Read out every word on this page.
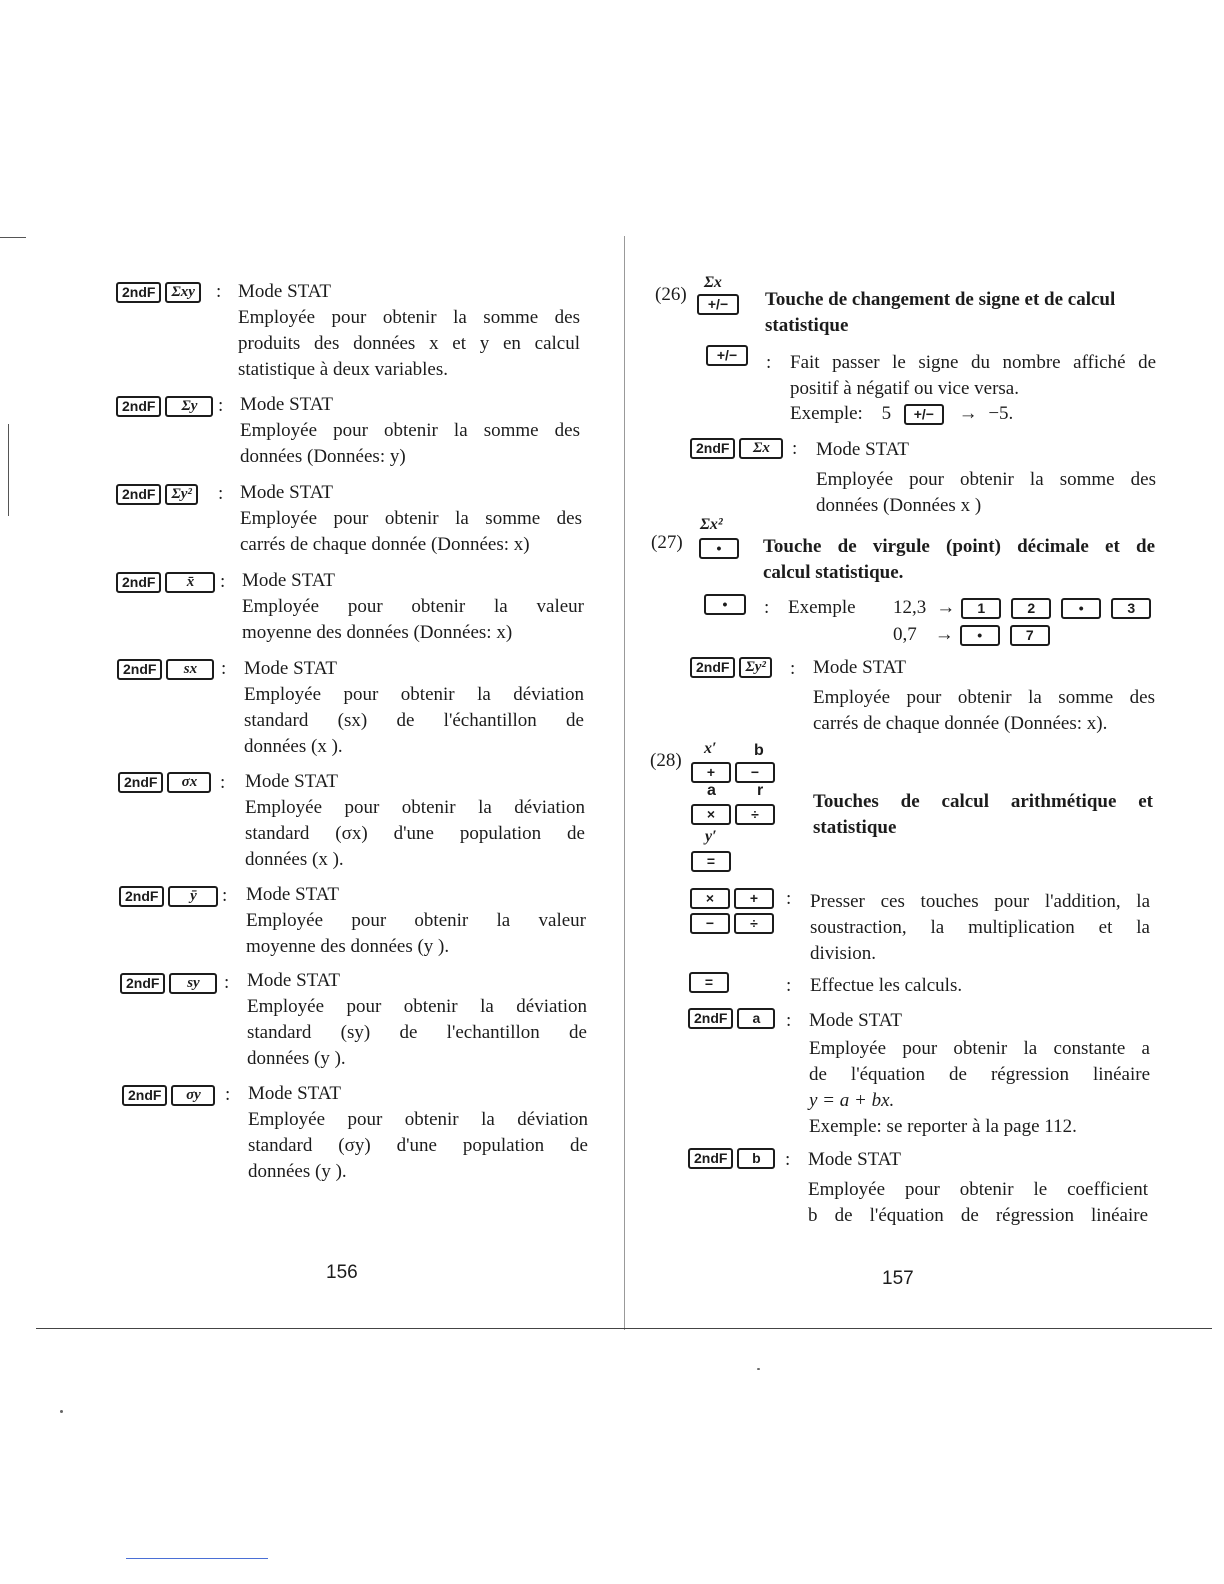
2ndF	Σxy	: Mode STAT
Employée pour obtenir la somme des
produits des données x et y en calcul
statistique à deux variables.
2ndF	Σy	: Mode STAT
Employée pour obtenir la somme des
données (Données: y)
2ndF	Σy²	: Mode STAT
Employée pour obtenir la somme des
carrés de chaque donnée (Données: x)
2ndF	x̄	: Mode STAT
Employée pour obtenir la valeur
moyenne des données (Données: x)
2ndF	sx	: Mode STAT
Employée pour obtenir la déviation
standard (sx) de l'échantillon de
données (x ).
2ndF	σx	: Mode STAT
Employée pour obtenir la déviation
standard (σx) d'une population de
données (x ).
2ndF	ȳ	: Mode STAT
Employée pour obtenir la valeur
moyenne des données (y ).
2ndF	sy	: Mode STAT
Employée pour obtenir la déviation
standard (sy) de l'echantillon de
données (y ).
2ndF	σy	: Mode STAT
Employée pour obtenir la déviation
standard (σy) d'une population de
données (y ).
156
(26)
Σx
+/−	Touche de changement de signe et de calcul
statistique
+/−	: Fait passer le signe du nombre affiché de
positif à négatif ou vice versa.
Exemple: 5 +/− → −5.
2ndF	Σx	: Mode STAT
Employée pour obtenir la somme des
données (Données x )
Σx²
(27)	•	Touche de virgule (point) décimale et de
calcul statistique.
•	: Exemple 12,3 →	1	2	•	3
0,7 →	•	7
2ndF	Σy²	: Mode STAT
Employée pour obtenir la somme des
carrés de chaque donnée (Données: x).
(28)
x′ b
+	−
a	r
×	÷
y′
=
Touches de calcul arithmétique et
statistique
×	+
−	÷
: Presser ces touches pour l'addition, la
soustraction, la multiplication et la
division.
=	: Effectue les calculs.
2ndF	a	: Mode STAT
Employée pour obtenir la constante a
de l'équation de régression linéaire
y = a + bx.
Exemple: se reporter à la page 112.
2ndF	b	: Mode STAT
Employée pour obtenir le coefficient
b de l'équation de régression linéaire
157
